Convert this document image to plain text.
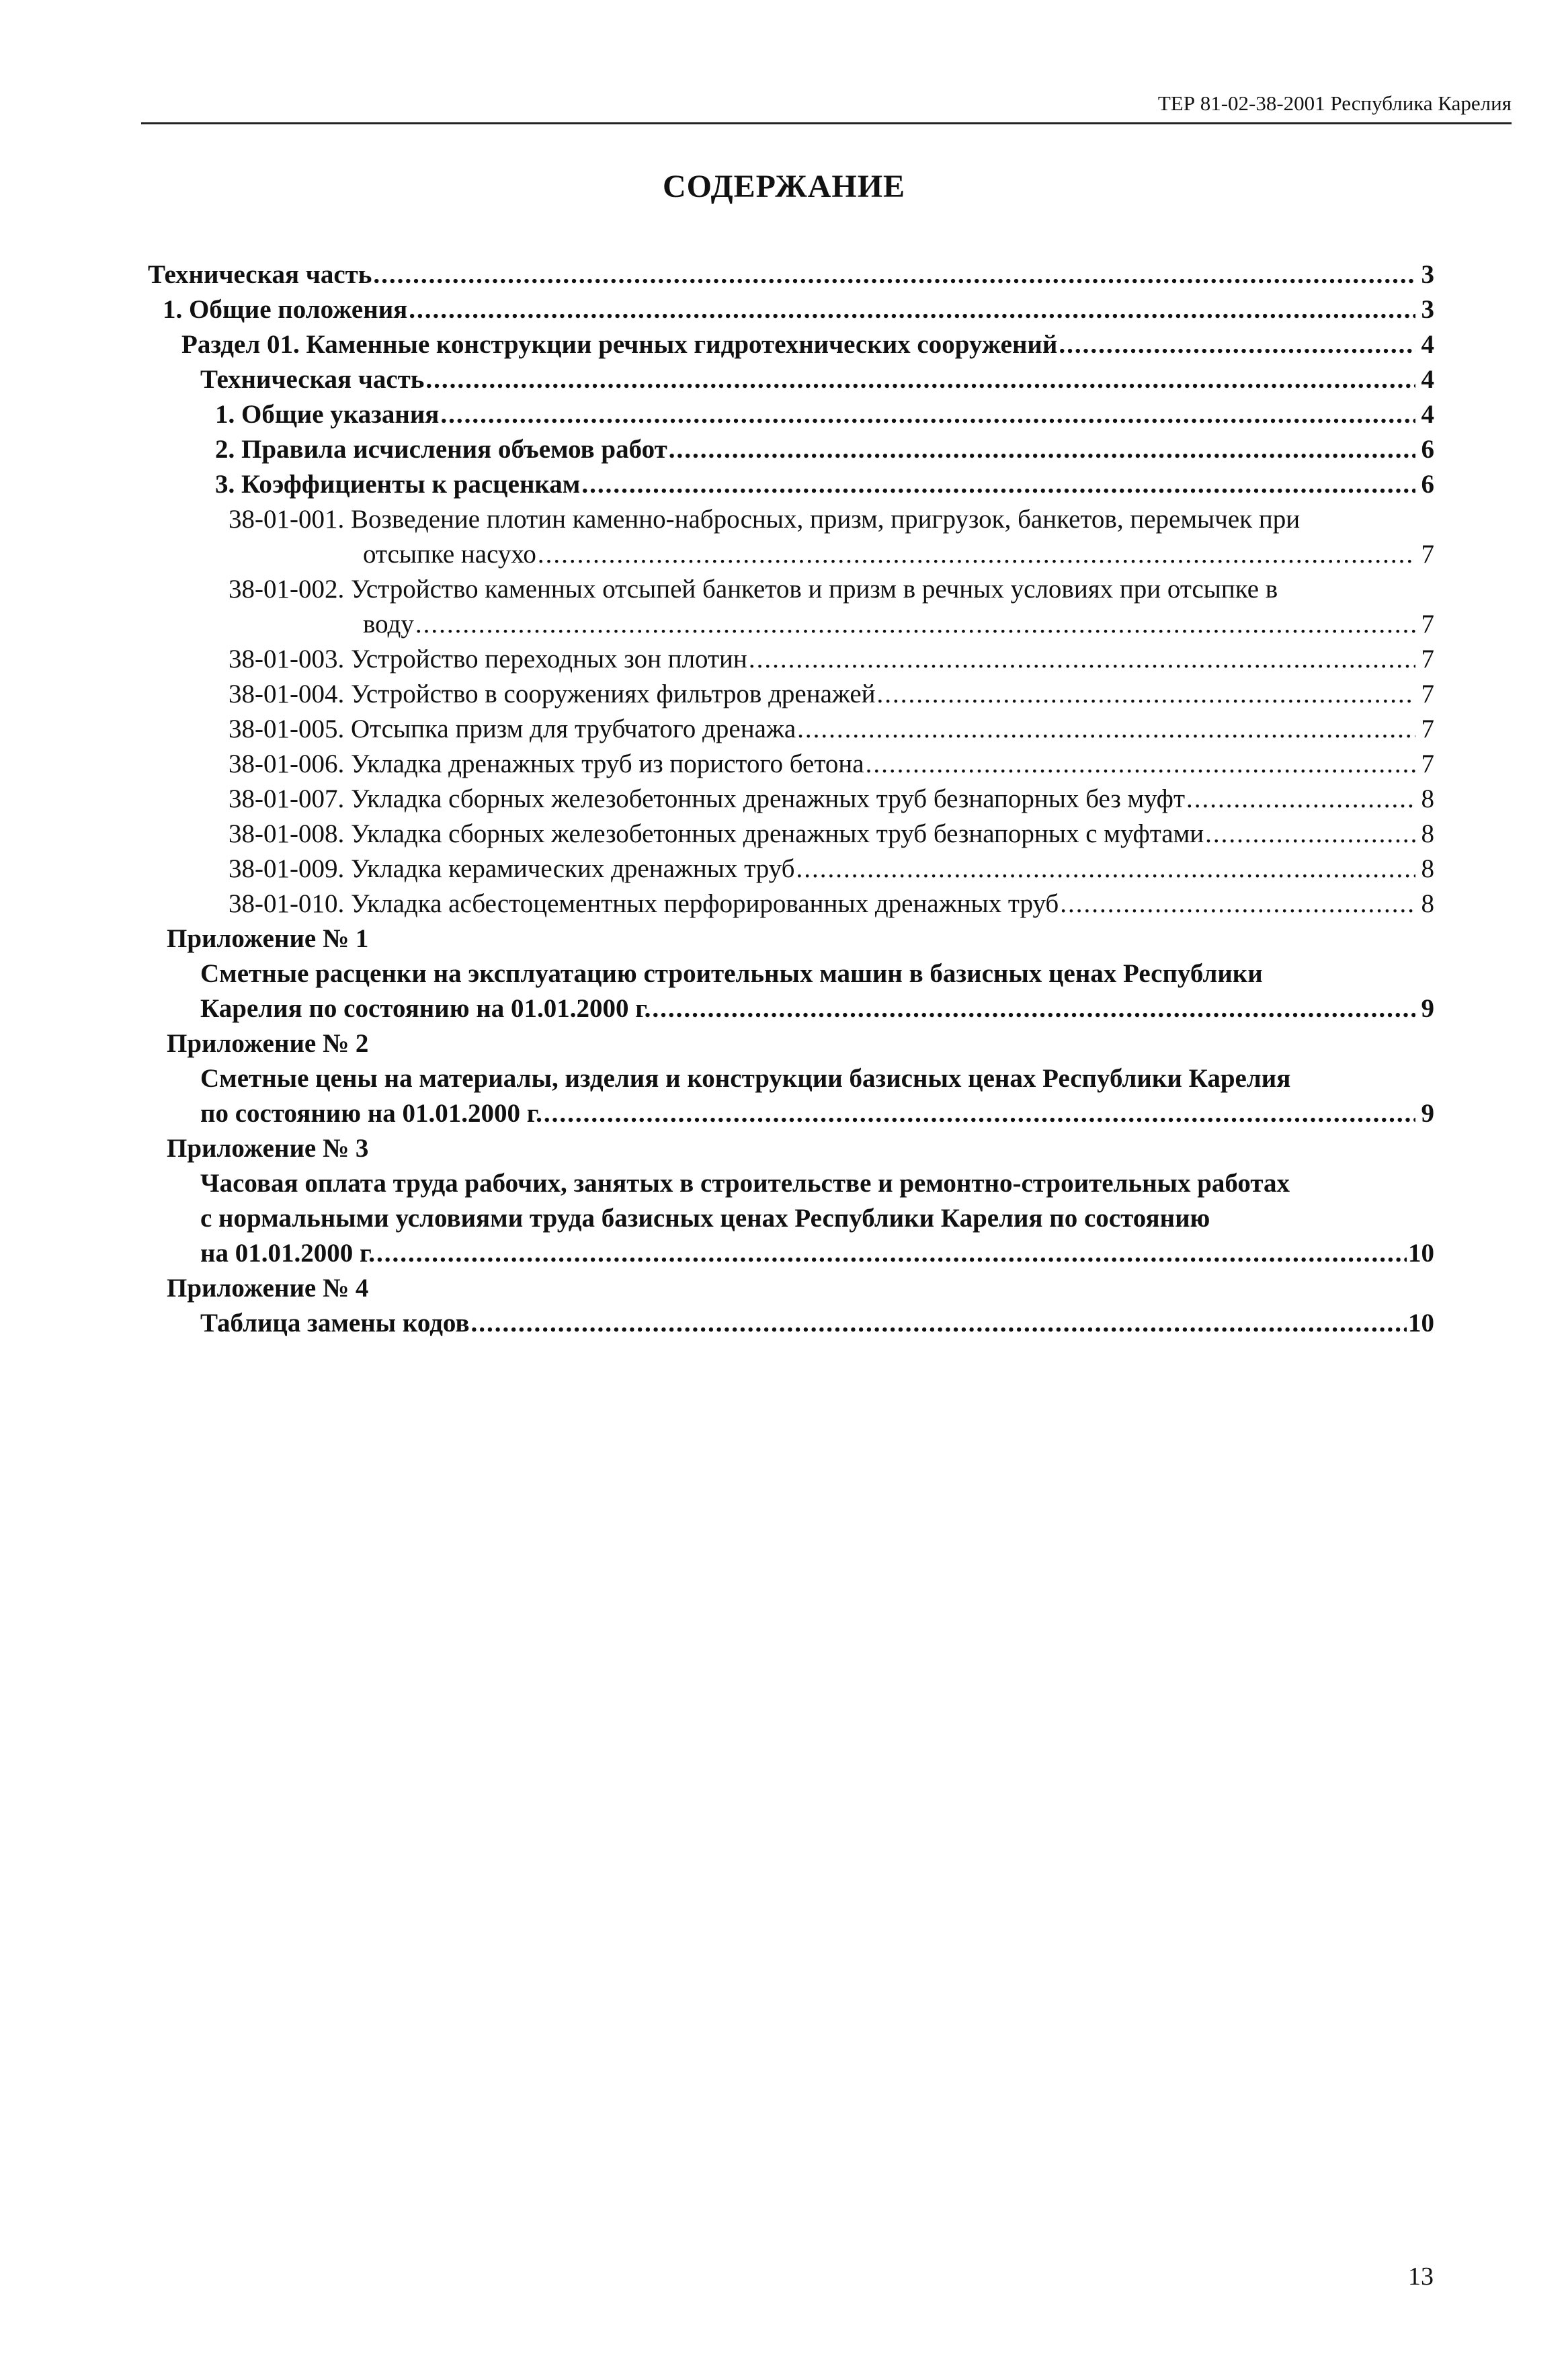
ТЕР 81-02-38-2001 Республика Карелия
СОДЕРЖАНИЕ
Техническая часть .....	3
1. Общие положения .....	3
Раздел 01. Каменные конструкции речных гидротехнических сооружений .....	4
Техническая часть .....	4
1. Общие указания .....	4
2. Правила исчисления объемов работ .....	6
3. Коэффициенты к расценкам .....	6
38-01-001.
Возведение плотин каменно-набросных, призм, пригрузок, банкетов, перемычек при
отсыпке насухо .....	7
38-01-002.
Устройство каменных отсыпей банкетов и призм в речных условиях при отсыпке в
воду .....	7
38-01-003.
Устройство переходных зон плотин .....	7
38-01-004.
Устройство в сооружениях фильтров дренажей .....	7
38-01-005.
Отсыпка призм для трубчатого дренажа .....	7
38-01-006.
Укладка дренажных труб из пористого бетона .....	7
38-01-007.
Укладка сборных железобетонных дренажных труб безнапорных без муфт .....	8
38-01-008.
Укладка сборных железобетонных дренажных труб безнапорных с муфтами .....	8
38-01-009.
Укладка керамических дренажных труб .....	8
38-01-010.
Укладка асбестоцементных перфорированных дренажных труб .....	8
Приложение № 1
Сметные расценки на эксплуатацию строительных машин в базисных ценах Республики
Карелия по состоянию на 01.01.2000 г. .....	9
Приложение № 2
Сметные цены на материалы, изделия и конструкции базисных ценах Республики Карелия
по состоянию на 01.01.2000 г. .....	9
Приложение № 3
Часовая оплата труда рабочих, занятых в строительстве и ремонтно-строительных работах
с нормальными условиями труда базисных ценах Республики Карелия по состоянию
на 01.01.2000 г. .....	10
Приложение № 4
Таблица замены кодов .....	10
13
